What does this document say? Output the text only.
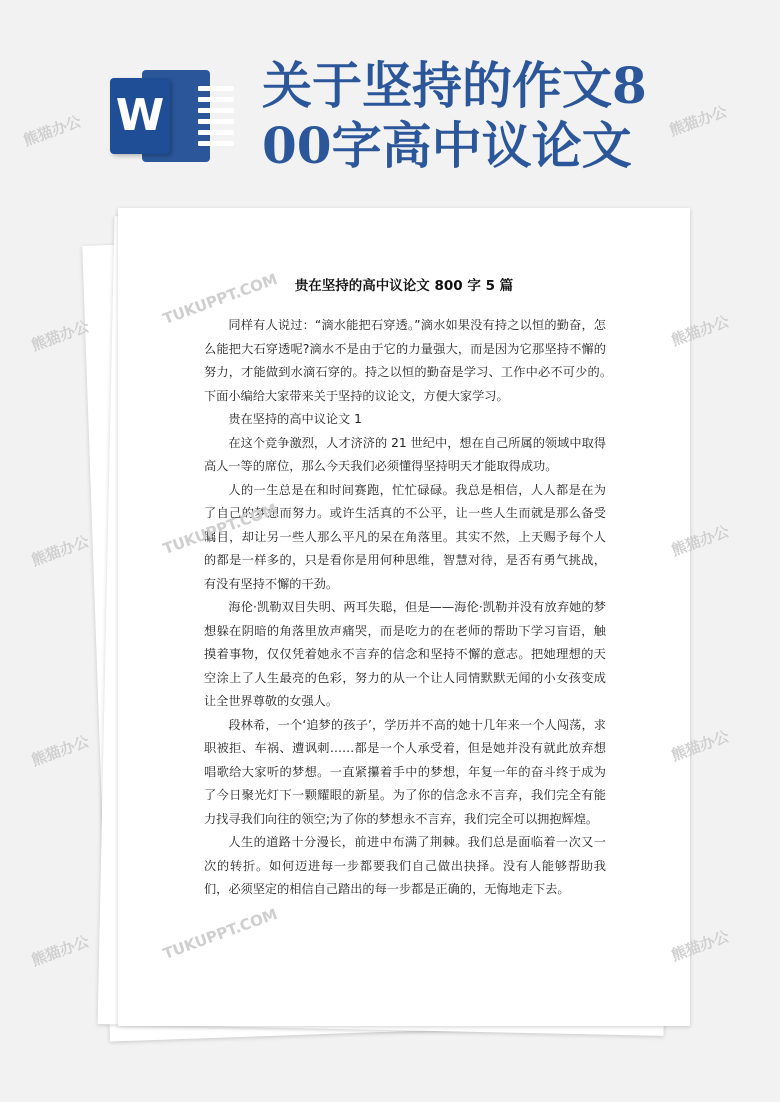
W
关于坚持的作文800字高中议论文
贵在坚持的高中议论文 800 字 5 篇

同样有人说过：“滴水能把石穿透。”滴水如果没有持之以恒的勤奋，怎么能把大石穿透呢?滴水不是由于它的力量强大，而是因为它那坚持不懈的努力，才能做到水滴石穿的。持之以恒的勤奋是学习、工作中必不可少的。　下面小编给大家带来关于坚持的议论文，方便大家学习。

贵在坚持的高中议论文 1

在这个竞争激烈，人才济济的 21 世纪中，想在自己所属的领域中取得高人一等的席位，那么今天我们必须懂得坚持明天才能取得成功。

人的一生总是在和时间赛跑，忙忙碌碌。我总是相信，人人都是在为了自己的梦想而努力。或许生活真的不公平，让一些人生而就是那么备受瞩目，却让另一些人那么平凡的呆在角落里。其实不然，上天赐予每个人的都是一样多的，只是看你是用何种思维，智慧对待，是否有勇气挑战，有没有坚持不懈的干劲。

海伦·凯勒双目失明、两耳失聪，但是——海伦·凯勒并没有放弃她的梦想躲在阴暗的角落里放声痛哭，而是吃力的在老师的帮助下学习盲语，触摸着事物，仅仅凭着她永不言弃的信念和坚持不懈的意志。把她理想的天空涂上了人生最亮的色彩，努力的从一个让人同情默默无闻的小女孩变成让全世界尊敬的女强人。

段林希，一个‘追梦的孩子’，学历并不高的她十几年来一个人闯荡，求职被拒、车祸、遭讽刺……都是一个人承受着，但是她并没有就此放弃想唱歌给大家听的梦想。一直紧攥着手中的梦想，年复一年的奋斗终于成为了今日聚光灯下一颗耀眼的新星。为了你的信念永不言弃，我们完全有能力找寻我们向往的领空;为了你的梦想永不言弃，我们完全可以拥抱辉煌。

人生的道路十分漫长，前进中布满了荆棘。我们总是面临着一次又一次的转折。如何迈进每一步都要我们自己做出抉择。没有人能够帮助我们，必须坚定的相信自己踏出的每一步都是正确的，无悔地走下去。

熊猫办公	熊猫办公
TUKUPPT.COM
熊猫办公	熊猫办公
熊猫办公	TUKUPPT.COM	熊猫办公
熊猫办公	熊猫办公
TUKUPPT.COM
熊猫办公	熊猫办公
